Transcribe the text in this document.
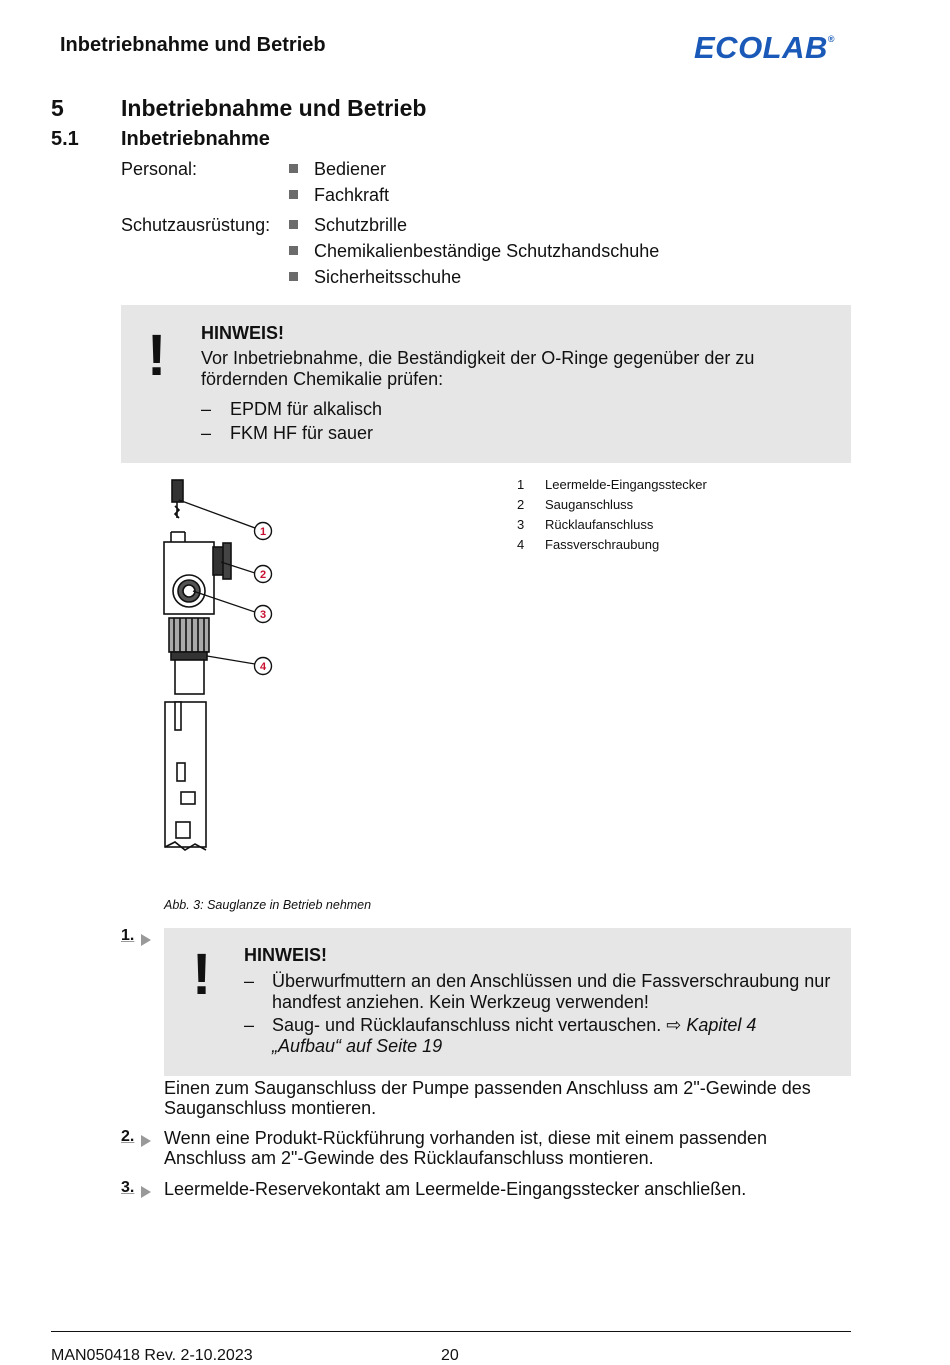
Inbetriebnahme und Betrieb	ECOLAB®
5 Inbetriebnahme und Betrieb
5.1 Inbetriebnahme
Personal:	Bediener
Fachkraft
Schutzausrüstung:	Schutzbrille
Chemikalienbeständige Schutzhandschuhe
Sicherheitsschuhe
! HINWEIS!
Vor Inbetriebnahme, die Beständigkeit der O-Ringe gegenüber der zu fördernden Chemikalie prüfen:
– EPDM für alkalisch
– FKM HF für sauer
1
2
3
4
1 Leermelde-Eingangsstecker
2 Sauganschluss
3 Rücklaufanschluss
4 Fassverschraubung
Abb. 3: Sauglanze in Betrieb nehmen
1.
! HINWEIS!
– Überwurfmuttern an den Anschlüssen und die Fassverschraubung nur handfest anziehen. Kein Werkzeug verwenden!
– Saug- und Rücklaufanschluss nicht vertauschen. ⇨ Kapitel 4 „Aufbau“ auf Seite 19
Einen zum Sauganschluss der Pumpe passenden Anschluss am 2"-Gewinde des Sauganschluss montieren.
2. Wenn eine Produkt-Rückführung vorhanden ist, diese mit einem passenden Anschluss am 2"-Gewinde des Rücklaufanschluss montieren.
3. Leermelde-Reservekontakt am Leermelde-Eingangsstecker anschließen.
MAN050418 Rev. 2-10.2023	20
